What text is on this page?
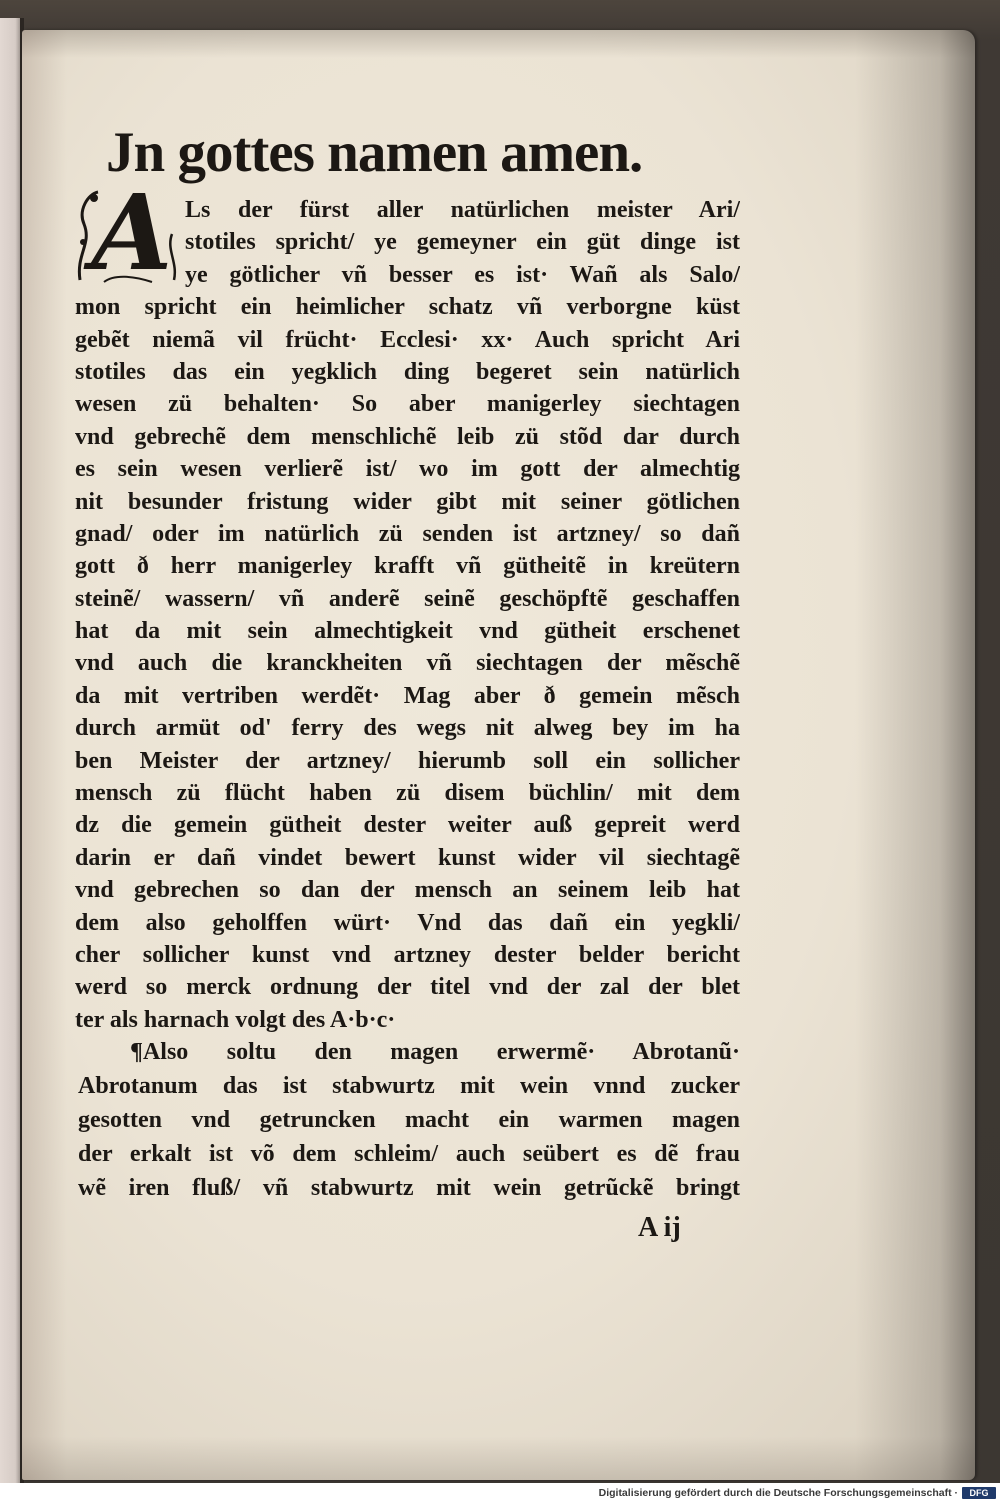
Jn gottes namen amen.
A Ls der fürst aller natürlichen meister Ari/
stotiles spricht/ ye gemeyner ein güt dinge ist
ye götlicher vñ besser es ist· Wañ als Salo/
mon spricht ein heimlicher schatz vñ verborgne küst
gebẽt niemã vil frücht· Ecclesi· xx· Auch spricht Ari
stotiles das ein yegklich ding begeret sein natürlich
wesen zü behalten· So aber manigerley siechtagen
vnd gebrechẽ dem menschlichẽ leib zü stõd dar durch
es sein wesen verlierẽ ist/ wo im gott der almechtig
nit besunder fristung wider gibt mit seiner götlichen
gnad/ oder im natürlich zü senden ist artzney/ so dañ
gott ð herr manigerley krafft vñ gütheitẽ in kreütern
steinẽ/ wassern/ vñ anderẽ seinẽ geschöpftẽ geschaffen
hat da mit sein almechtigkeit vnd gütheit erschenet
vnd auch die kranckheiten vñ siechtagen der mẽschẽ
da mit vertriben werdẽt· Mag aber ð gemein mẽsch
durch armüt od' ferry des wegs nit alweg bey im ha
ben Meister der artzney/ hierumb soll ein sollicher
mensch zü flücht haben zü disem büchlin/ mit dem
dz die gemein gütheit dester weiter auß gepreit werd
darin er dañ vindet bewert kunst wider vil siechtagẽ
vnd gebrechen so dan der mensch an seinem leib hat
dem also geholffen würt· Vnd das dañ ein yegkli/
cher sollicher kunst vnd artzney dester belder bericht
werd so merck ordnung der titel vnd der zal der blet
ter als harnach volgt des A·b·c·
¶Also soltu den magen erwermẽ· Abrotanũ·
Abrotanum das ist stabwurtz mit wein vnnd zucker
gesotten vnd getruncken macht ein warmen magen
der erkalt ist võ dem schleim/ auch seübert es dẽ frau
wẽ iren fluß/ vñ stabwurtz mit wein getrũckẽ bringt
A ij
Digitalisierung gefördert durch die Deutsche Forschungsgemeinschaft ·	DFG
